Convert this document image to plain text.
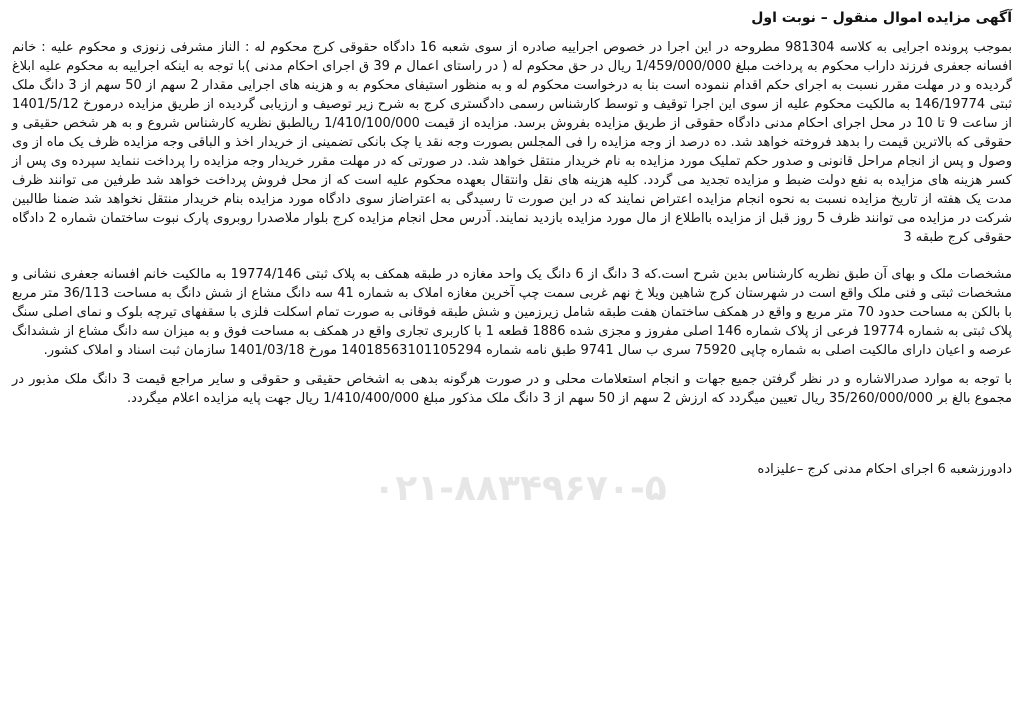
۰۲۱-۸۸۳۴۹۶۷۰-۵
آگهی مزایده اموال منقول – نوبت اول

بموجب پرونده اجرایی به کلاسه 981304 مطروحه در این اجرا در خصوص اجراییه صادره از سوی شعبه 16 دادگاه حقوقی کرج محکوم له : الناز مشرفی زنوزی و محکوم علیه : خانم افسانه جعفری فرزند داراب محکوم به پرداخت مبلغ 1/459/000/000 ریال در حق محکوم له ( در راستای اعمال م 39 ق اجرای احکام مدنی )با توجه به اینکه اجراییه به محکوم علیه ابلاغ گردیده و در مهلت مقرر نسبت به اجرای حکم اقدام ننموده است بنا به درخواست محکوم له و به منظور استیفای محکوم به و هزینه های اجرایی مقدار 2 سهم از 50 سهم از 3 دانگ ملک ثبتی 146/19774 به مالکیت محکوم علیه از سوی این اجرا توقیف و توسط کارشناس رسمی دادگستری کرج به شرح زیر توصیف و ارزیابی گردیده از طریق مزایده درمورخ 1401/5/12 از ساعت 9 تا 10 در محل اجرای احکام مدنی دادگاه حقوقی از طریق مزایده بفروش برسد. مزایده از قیمت 1/410/100/000 ریالطبق نظریه کارشناس شروع و به هر شخص حقیقی و حقوقی که بالاترین قیمت را بدهد فروخته خواهد شد. ده درصد از وجه مزایده را فی المجلس بصورت وجه نقد یا چک بانکی تضمینی از خریدار اخذ و الباقی وجه مزایده ظرف یک ماه از وی وصول و پس از انجام مراحل قانونی و صدور حکم تملیک مورد مزایده به نام خریدار منتقل خواهد شد. در صورتی که در مهلت مقرر خریدار وجه مزایده را پرداخت ننماید سپرده وی پس از کسر هزینه های مزایده به نفع دولت ضبط و مزایده تجدید می گردد. کلیه هزینه های نقل وانتقال بعهده محکوم علیه است که از محل فروش پرداخت خواهد شد طرفین می توانند ظرف مدت یک هفته از تاریخ مزایده نسبت به نحوه انجام مزایده اعتراض نمایند که در این صورت تا رسیدگی به اعتراضاز سوی دادگاه مورد مزایده بنام خریدار منتقل نخواهد شد ضمنا طالبین شرکت در مزایده می توانند ظرف 5 روز قبل از مزایده بااطلاع از مال مورد مزایده بازدید نمایند. آدرس محل انجام مزایده کرج بلوار ملاصدرا روبروی پارک نبوت ساختمان شماره 2 دادگاه حقوقی کرج طبقه 3

مشخصات ملک و بهای آن طبق نظریه کارشناس بدین شرح است.که 3 دانگ از 6 دانگ یک واحد مغازه در طبقه همکف به پلاک ثبتی 19774/146 به مالکیت خانم افسانه جعفری نشانی و مشخصات ثبتی و فنی ملک واقع است در شهرستان کرج شاهین ویلا خ نهم غربی سمت چپ آخرین مغازه املاک به شماره 41 سه دانگ مشاع از شش دانگ به مساحت 36/113 متر مربع با بالکن به مساحت حدود 70 متر مربع و واقع در همکف ساختمان هفت طبقه شامل زیرزمین و شش طبقه فوقانی به صورت تمام اسکلت فلزی با سقفهای تیرچه بلوک و نمای اصلی سنگ پلاک ثبتی به شماره 19774 فرعی از پلاک شماره 146 اصلی مفروز و مجزی شده 1886 قطعه 1 با کاربری تجاری واقع در همکف به مساحت فوق و به میزان سه دانگ مشاع از ششدانگ عرصه و اعیان دارای مالکیت اصلی به شماره چاپی 75920 سری ب سال 9741 طبق نامه شماره 14018563101105294 مورخ 1401/03/18 سازمان ثبت اسناد و املاک کشور.

با توجه به موارد صدرالاشاره و در نظر گرفتن جمیع جهات و انجام استعلامات محلی و در صورت هرگونه بدهی به اشخاص حقیقی و حقوقی و سایر مراجع قیمت 3 دانگ ملک مذبور در مجموع بالغ بر 35/260/000/000 ریال تعیین میگردد که ارزش 2 سهم از 50 سهم از 3 دانگ ملک مذکور مبلغ 1/410/400/000 ریال جهت پایه مزایده اعلام میگردد.

دادورزشعبه 6 اجرای احکام مدنی کرج –علیزاده
